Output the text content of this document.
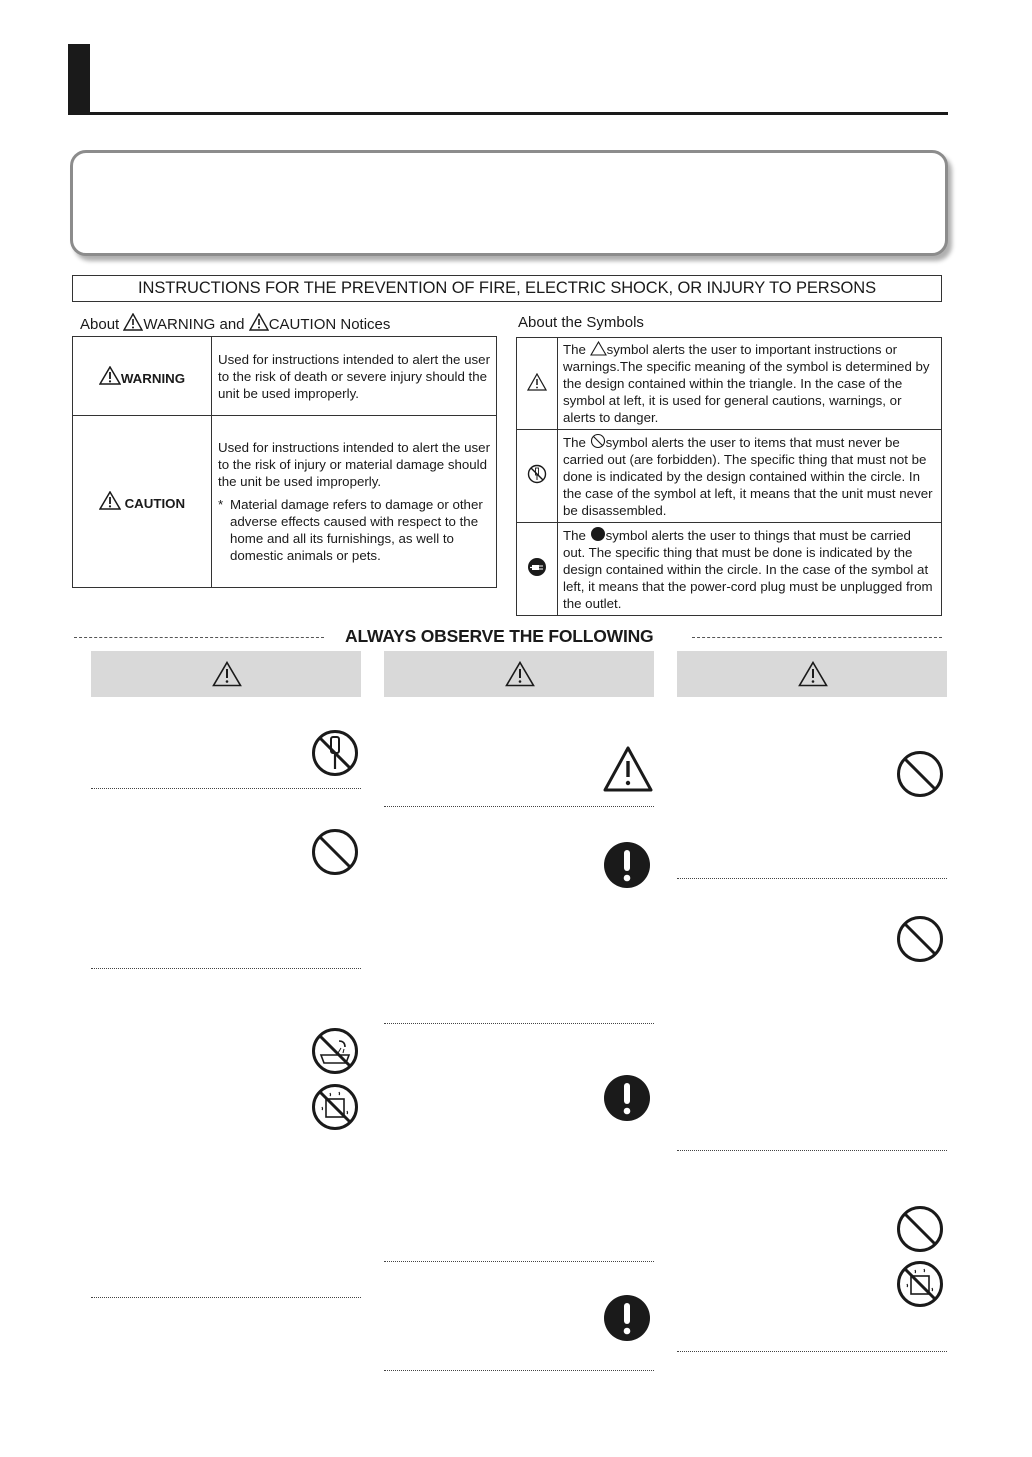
INSTRUCTIONS FOR THE PREVENTION OF FIRE, ELECTRIC SHOCK, OR INJURY TO PERSONS
About WARNING and CAUTION Notices
WARNING	Used for instructions intended to alert the user to the risk of death or severe injury should the unit be used improperly.
CAUTION	Used for instructions intended to alert the user to the risk of injury or material damage should the unit be used improperly.
* Material damage refers to damage or other adverse effects caused with respect to the home and all its furnishings, as well to domestic animals or pets.
About the Symbols
	The symbol alerts the user to important instructions or warnings.The specific meaning of the symbol is determined by the design contained within the triangle. In the case of the symbol at left, it is used for general cautions, warnings, or alerts to danger.
	The symbol alerts the user to items that must never be carried out (are forbidden). The specific thing that must not be done is indicated by the design contained within the circle. In the case of the symbol at left, it means that the unit must never be disassembled.
	The symbol alerts the user to things that must be carried out. The specific thing that must be done is indicated by the design contained within the circle. In the case of the symbol at left, it means that the power-cord plug must be unplugged from the outlet.
ALWAYS OBSERVE THE FOLLOWING
